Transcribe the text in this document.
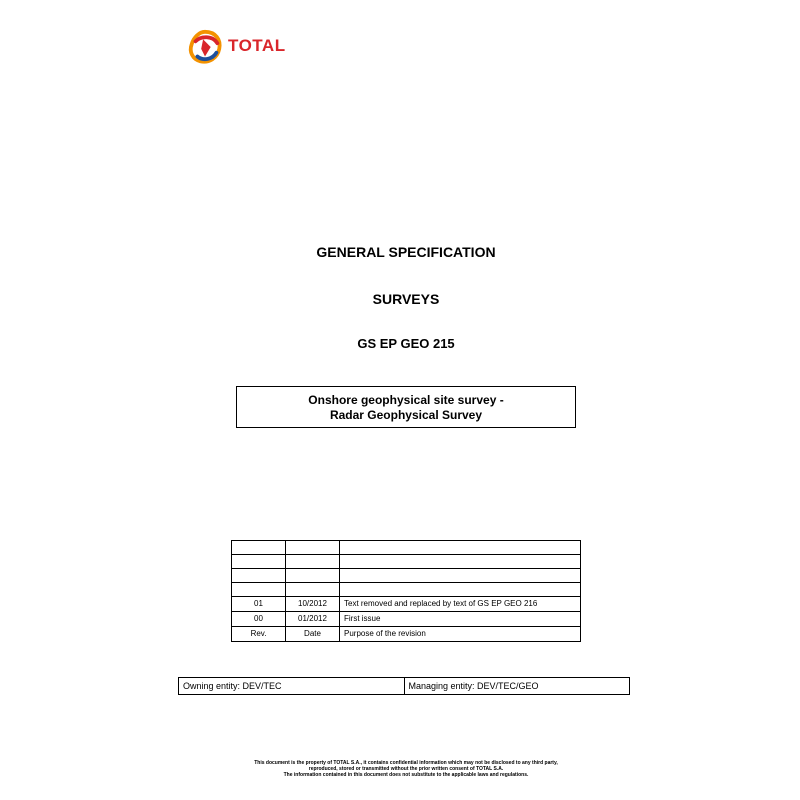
TOTAL
GENERAL SPECIFICATION
SURVEYS
GS EP GEO 215
Onshore geophysical site survey -
Radar Geophysical Survey

01	10/2012	Text removed and replaced by text of GS EP GEO 216
00	01/2012	First issue
Rev.	Date	Purpose of the revision
Owning entity: DEV/TEC	Managing entity: DEV/TEC/GEO
This document is the property of TOTAL S.A., it contains confidential information which may not be disclosed to any third party,
reproduced, stored or transmitted without the prior written consent of TOTAL S.A.
The information contained in this document does not substitute to the applicable laws and regulations.
